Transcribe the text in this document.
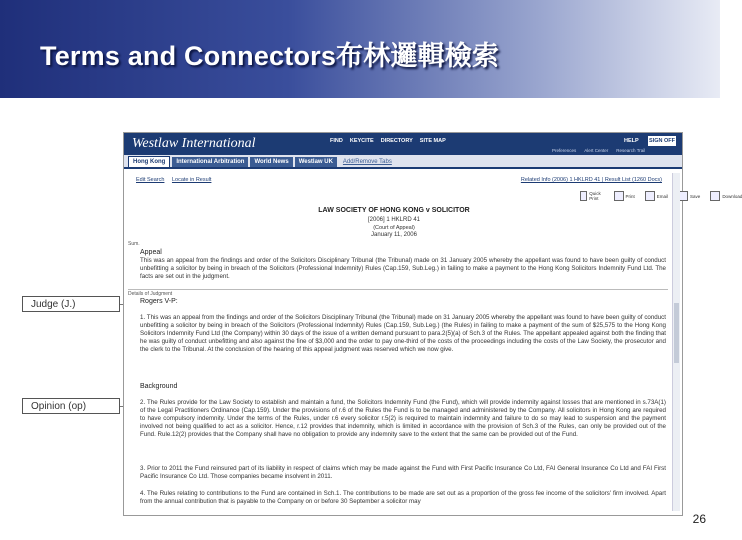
Terms and Connectors布林邏輯檢索
Judge (J.)
Opinion (op)
Westlaw International	FIND KEYCITE DIRECTORY SITE MAP	HELP SIGN OFF
Preferences Alert Center Research Trail
Hong Kong	International Arbitration	World News	Westlaw UK	Add/Remove Tabs
Edit Search Locate in Result	Related Info (2006) 1 HKLRD 41 | Result List (1260 Docs)
Quick Print	Print	Email	Save	Download
LAW SOCIETY OF HONG KONG v SOLICITOR
[2006] 1 HKLRD 41
(Court of Appeal)
January 11, 2006
Sum.
Appeal
This was an appeal from the findings and order of the Solicitors Disciplinary Tribunal (the Tribunal) made on 31 January 2005 whereby the appellant was found to have been guilty of conduct unbefitting a solicitor by being in breach of the Solicitors (Professional Indemnity) Rules (Cap.159, Sub.Leg.) in failing to make a payment to the Hong Kong Solicitors Indemnity Fund Ltd. The facts are set out in the judgment.
Details of Judgment
Rogers V-P:
1. This was an appeal from the findings and order of the Solicitors Disciplinary Tribunal (the Tribunal) made on 31 January 2005 whereby the appellant was found to have been guilty of conduct unbefitting a solicitor by being in breach of the Solicitors (Professional Indemnity) Rules (Cap.159, Sub.Leg.) (the Rules) in failing to make a payment of the sum of $25,575 to the Hong Kong Solicitors Indemnity Fund Ltd (the Company) within 30 days of the issue of a written demand pursuant to para.2(5)(a) of Sch.3 of the Rules. The appellant appealed against both the finding that he was guilty of conduct unbefitting and also against the fine of $3,000 and the order to pay one-third of the costs of the proceedings including the costs of the Law Society, the prosecutor and the clerk to the Tribunal. At the conclusion of the hearing of this appeal judgment was reserved which we now give.
Background
2. The Rules provide for the Law Society to establish and maintain a fund, the Solicitors Indemnity Fund (the Fund), which will provide indemnity against losses that are mentioned in s.73A(1) of the Legal Practitioners Ordinance (Cap.159). Under the provisions of r.6 of the Rules the Fund is to be managed and administered by the Company. All solicitors in Hong Kong are required to have compulsory indemnity. Under the terms of the Rules, under r.6 every solicitor r.5(2) is required to maintain indemnity and failure to do so may lead to suspension and the payment involved not being qualified to act as a solicitor. Hence, r.12 provides that indemnity, which is limited in accordance with the provision of Sch.3 of the Rules, can only be provided out of the Fund. Rule.12(2) provides that the Company shall have no obligation to provide any indemnity save to the extent that the same can be provided out of the Fund.
3. Prior to 2011 the Fund reinsured part of its liability in respect of claims which may be made against the Fund with First Pacific Insurance Co Ltd, FAI General Insurance Co Ltd and FAI First Pacific Insurance Co Ltd. Those companies became insolvent in 2011.
4. The Rules relating to contributions to the Fund are contained in Sch.1. The contributions to be made are set out as a proportion of the gross fee income of the solicitors' firm involved. Apart from the annual contribution that is payable to the Company on or before 30 September a solicitor may
26
